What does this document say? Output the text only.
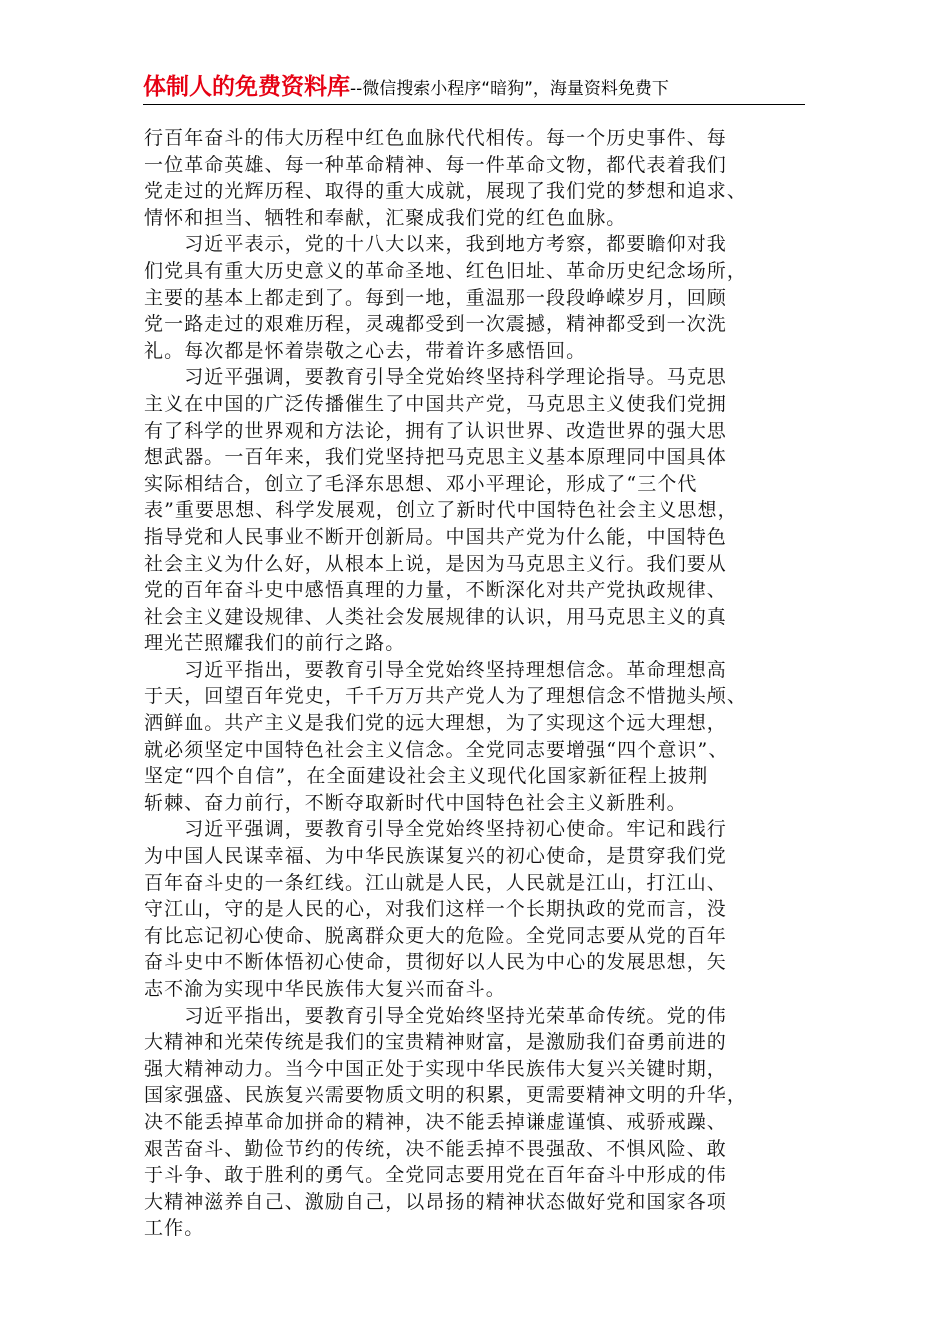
体制人的免费资料库--微信搜索小程序“暗狗”，海量资料免费下
行百年奋斗的伟大历程中红色血脉代代相传。每一个历史事件、每
一位革命英雄、每一种革命精神、每一件革命文物，都代表着我们
党走过的光辉历程、取得的重大成就，展现了我们党的梦想和追求、
情怀和担当、牺牲和奉献，汇聚成我们党的红色血脉。
　　习近平表示，党的十八大以来，我到地方考察，都要瞻仰对我
们党具有重大历史意义的革命圣地、红色旧址、革命历史纪念场所，
主要的基本上都走到了。每到一地，重温那一段段峥嵘岁月，回顾
党一路走过的艰难历程，灵魂都受到一次震撼，精神都受到一次洗
礼。每次都是怀着崇敬之心去，带着许多感悟回。
　　习近平强调，要教育引导全党始终坚持科学理论指导。马克思
主义在中国的广泛传播催生了中国共产党，马克思主义使我们党拥
有了科学的世界观和方法论，拥有了认识世界、改造世界的强大思
想武器。一百年来，我们党坚持把马克思主义基本原理同中国具体
实际相结合，创立了毛泽东思想、邓小平理论，形成了“三个代
表”重要思想、科学发展观，创立了新时代中国特色社会主义思想，
指导党和人民事业不断开创新局。中国共产党为什么能，中国特色
社会主义为什么好，从根本上说，是因为马克思主义行。我们要从
党的百年奋斗史中感悟真理的力量，不断深化对共产党执政规律、
社会主义建设规律、人类社会发展规律的认识，用马克思主义的真
理光芒照耀我们的前行之路。
　　习近平指出，要教育引导全党始终坚持理想信念。革命理想高
于天，回望百年党史，千千万万共产党人为了理想信念不惜抛头颅、
洒鲜血。共产主义是我们党的远大理想，为了实现这个远大理想，
就必须坚定中国特色社会主义信念。全党同志要增强“四个意识”、
坚定“四个自信”，在全面建设社会主义现代化国家新征程上披荆
斩棘、奋力前行，不断夺取新时代中国特色社会主义新胜利。
　　习近平强调，要教育引导全党始终坚持初心使命。牢记和践行
为中国人民谋幸福、为中华民族谋复兴的初心使命，是贯穿我们党
百年奋斗史的一条红线。江山就是人民，人民就是江山，打江山、
守江山，守的是人民的心，对我们这样一个长期执政的党而言，没
有比忘记初心使命、脱离群众更大的危险。全党同志要从党的百年
奋斗史中不断体悟初心使命，贯彻好以人民为中心的发展思想，矢
志不渝为实现中华民族伟大复兴而奋斗。
　　习近平指出，要教育引导全党始终坚持光荣革命传统。党的伟
大精神和光荣传统是我们的宝贵精神财富，是激励我们奋勇前进的
强大精神动力。当今中国正处于实现中华民族伟大复兴关键时期，
国家强盛、民族复兴需要物质文明的积累，更需要精神文明的升华，
决不能丢掉革命加拼命的精神，决不能丢掉谦虚谨慎、戒骄戒躁、
艰苦奋斗、勤俭节约的传统，决不能丢掉不畏强敌、不惧风险、敢
于斗争、敢于胜利的勇气。全党同志要用党在百年奋斗中形成的伟
大精神滋养自己、激励自己，以昂扬的精神状态做好党和国家各项
工作。
